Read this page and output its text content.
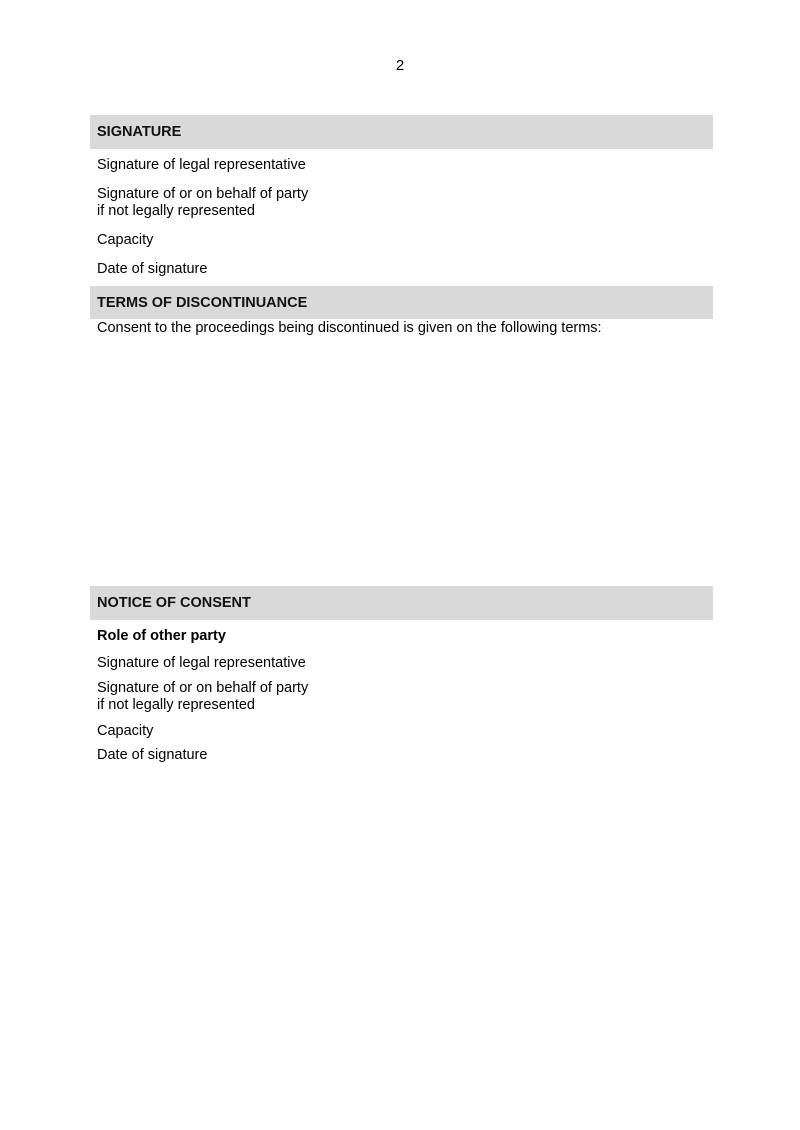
2
SIGNATURE
Signature of legal representative
Signature of or on behalf of party
if not legally represented
Capacity
Date of signature
TERMS OF DISCONTINUANCE
Consent to the proceedings being discontinued is given on the following terms:
NOTICE OF CONSENT
Role of other party
Signature of legal representative
Signature of or on behalf of party
if not legally represented
Capacity
Date of signature
